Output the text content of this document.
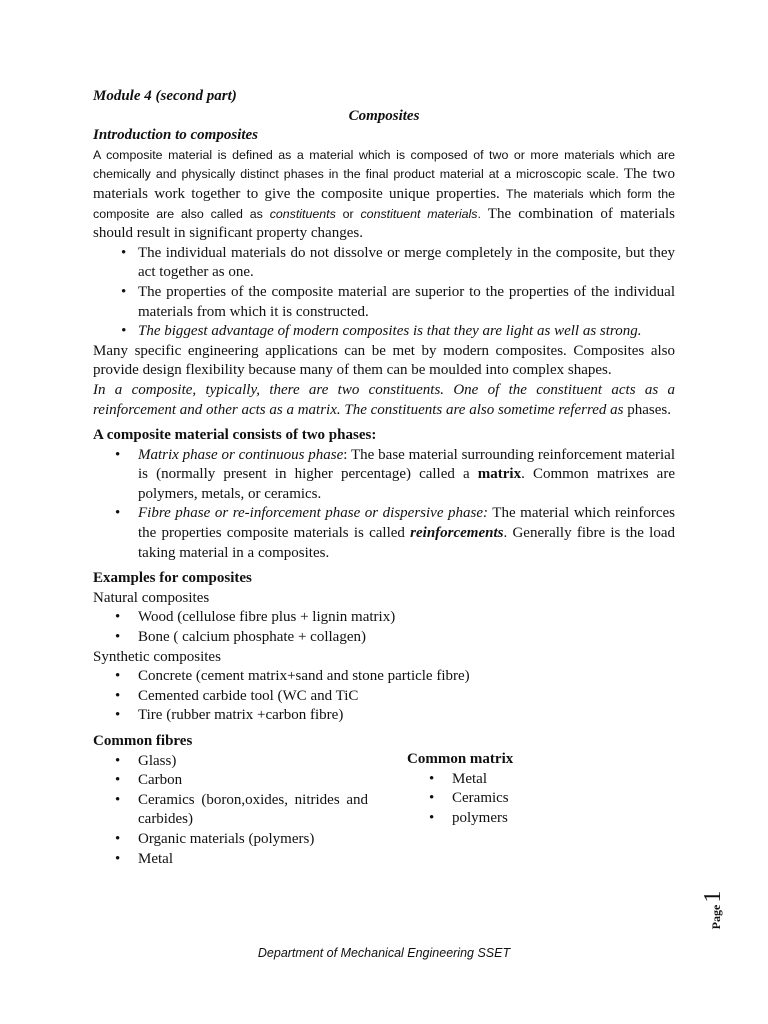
Module 4 (second part)

Composites

Introduction to composites

A composite material is defined as a material which is composed of two or more materials which are chemically and physically distinct phases in the final product material at a microscopic scale. The two materials work together to give the composite unique properties. The materials which form the composite are also called as constituents or constituent materials. The combination of materials should result in significant property changes.

• The individual materials do not dissolve or merge completely in the composite, but they act together as one.
• The properties of the composite material are superior to the properties of the individual materials from which it is constructed.
• The biggest advantage of modern composites is that they are light as well as strong.

Many specific engineering applications can be met by modern composites. Composites also provide design flexibility because many of them can be moulded into complex shapes.

In a composite, typically, there are two constituents. One of the constituent acts as a reinforcement and other acts as a matrix. The constituents are also sometime referred as phases.

A composite material consists of two phases:

• Matrix phase or continuous phase: The base material surrounding reinforcement material is (normally present in higher percentage) called a matrix. Common matrixes are polymers, metals, or ceramics.
• Fibre phase or re-inforcement phase or dispersive phase: The material which reinforces the properties composite materials is called reinforcements. Generally fibre is the load taking material in a composites.

Examples for composites

Natural composites

• Wood (cellulose fibre plus + lignin matrix)
• Bone ( calcium phosphate + collagen)

Synthetic composites

• Concrete (cement matrix+sand and stone particle fibre)
• Cemented carbide tool (WC and TiC
• Tire (rubber matrix +carbon fibre)

Common fibres

• Glass)
• Carbon
• Ceramics (boron,oxides, nitrides and carbides)
• Organic materials (polymers)
• Metal

Common matrix

• Metal
• Ceramics
• polymers
Page
1
Department of Mechanical Engineering SSET
